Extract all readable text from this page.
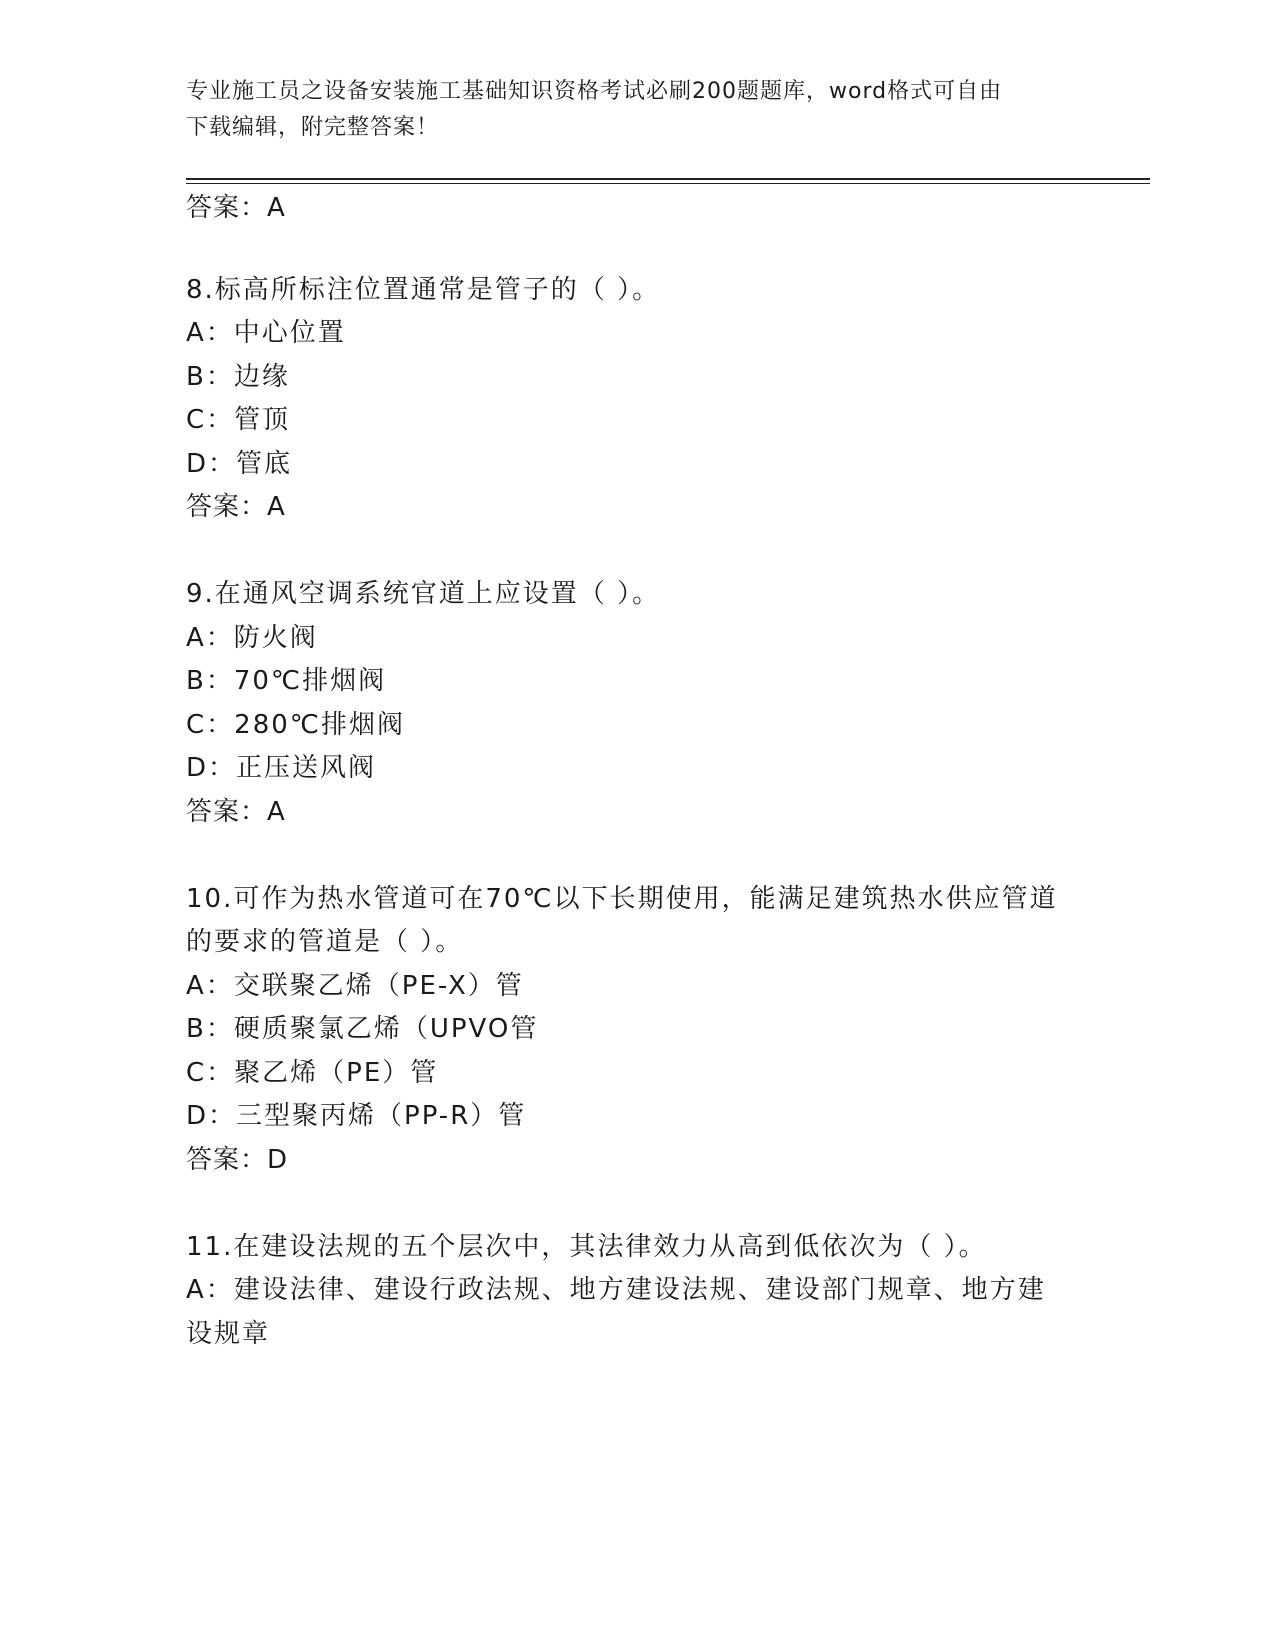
专业施工员之设备安装施工基础知识资格考试必刷200题题库，word格式可自由
下载编辑，附完整答案！
答案：A
8.标高所标注位置通常是管子的（ ）。
A：中心位置
B：边缘
C：管顶
D：管底
答案：A
9.在通风空调系统官道上应设置（ ）。
A：防火阀
B：70℃排烟阀
C：280℃排烟阀
D：正压送风阀
答案：A
10.可作为热水管道可在70℃以下长期使用，能满足建筑热水供应管道
的要求的管道是（ ）。
A：交联聚乙烯（PE-X）管
B：硬质聚氯乙烯（UPVO管
C：聚乙烯（PE）管
D：三型聚丙烯（PP-R）管
答案：D
11.在建设法规的五个层次中，其法律效力从高到低依次为（ ）。
A：建设法律、建设行政法规、地方建设法规、建设部门规章、地方建
设规章
